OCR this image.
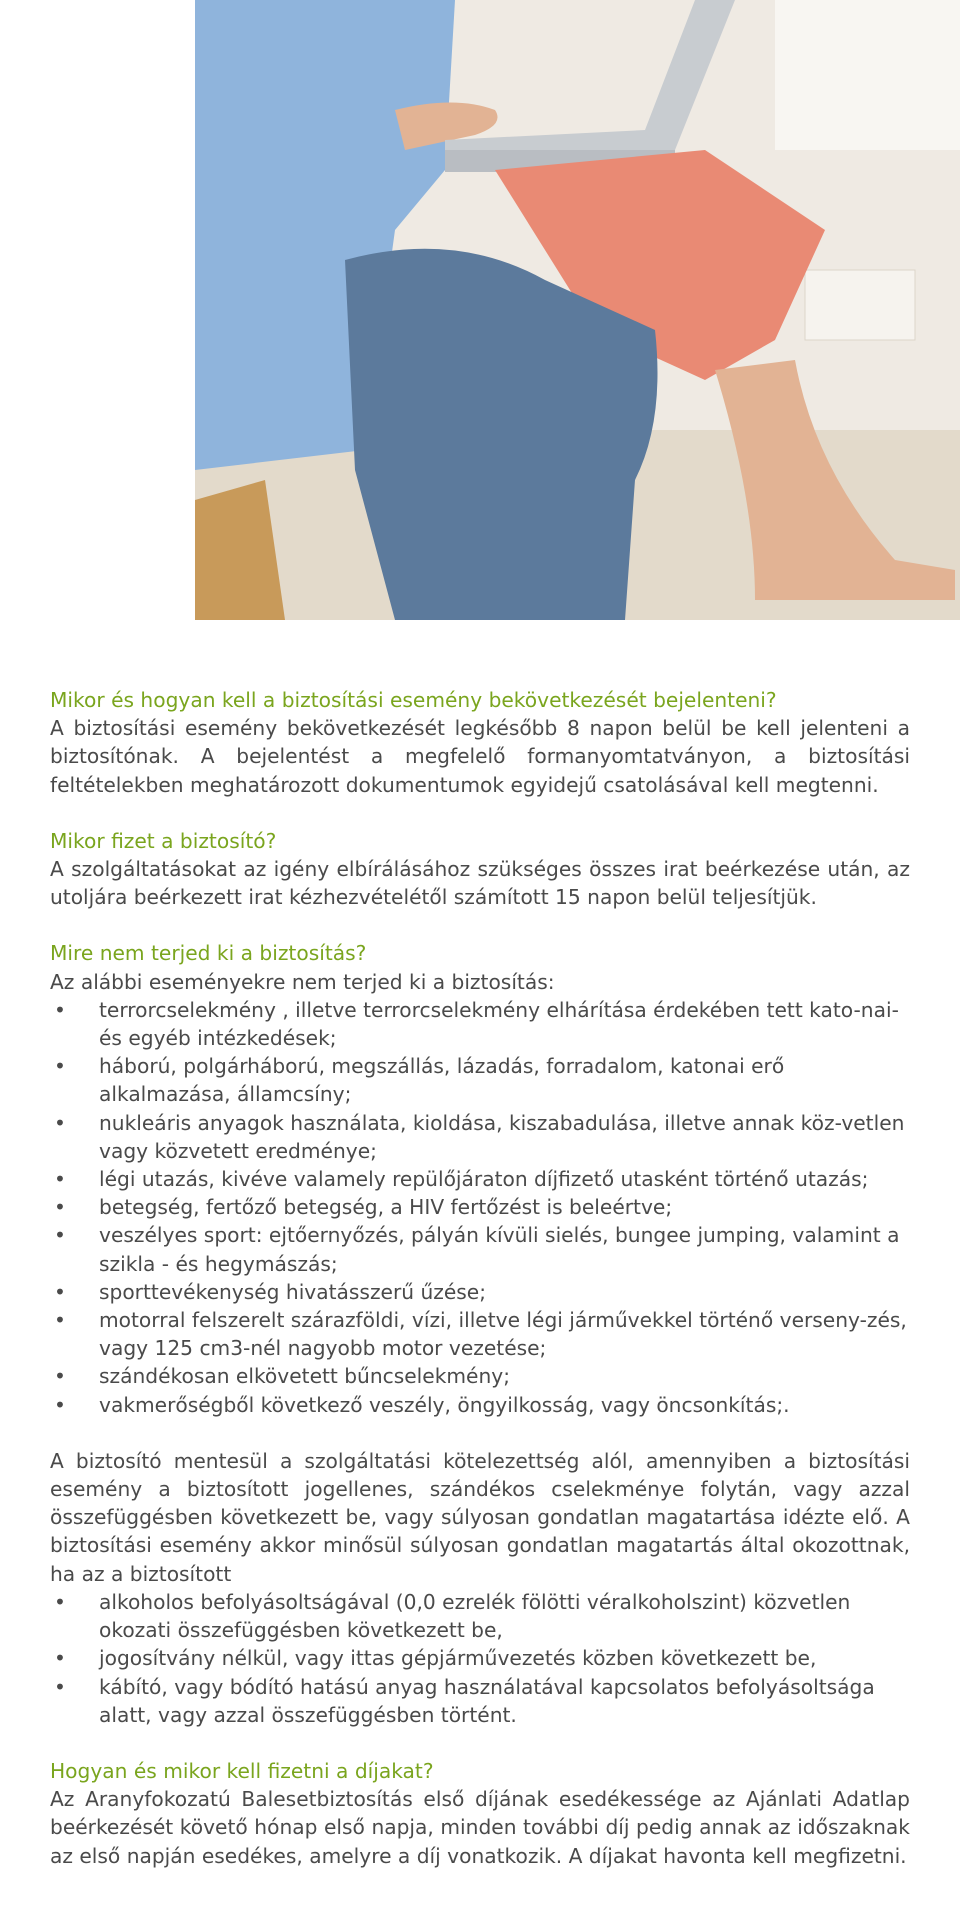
Mikor és hogyan kell a biztosítási esemény bekövetkezését bejelenteni?

A biztosítási esemény bekövetkezését legkésőbb 8 napon belül be kell jelenteni a biztosítónak. A bejelentést a megfelelő formanyomtatványon, a biztosítási feltételekben meghatározott dokumentumok egyidejű csatolásával kell megtenni.

Mikor fizet a biztosító?

A szolgáltatásokat az igény elbírálásához szükséges összes irat beérkezése után, az utoljára beérkezett irat kézhezvételétől számított 15 napon belül teljesítjük.

Mire nem terjed ki a biztosítás?

Az alábbi eseményekre nem terjed ki a biztosítás:

• terrorcselekmény , illetve terrorcselekmény elhárítása érdekében tett kato-nai- és egyéb intézkedések;
• háború, polgárháború, megszállás, lázadás, forradalom, katonai erő alkalmazása, államcsíny;
• nukleáris anyagok használata, kioldása, kiszabadulása, illetve annak köz-vetlen vagy közvetett eredménye;
• légi utazás, kivéve valamely repülőjáraton díjfizető utasként történő utazás;
• betegség, fertőző betegség, a HIV fertőzést is beleértve;
• veszélyes sport: ejtőernyőzés, pályán kívüli sielés, bungee jumping, valamint a szikla - és hegymászás;
• sporttevékenység hivatásszerű űzése;
• motorral felszerelt szárazföldi, vízi, illetve légi járművekkel történő verseny-zés, vagy 125 cm3-nél nagyobb motor vezetése;
• szándékosan elkövetett bűncselekmény;
• vakmerőségből következő veszély, öngyilkosság, vagy öncsonkítás;.

A biztosító mentesül a szolgáltatási kötelezettség alól, amennyiben a biztosítási esemény a biztosított jogellenes, szándékos cselekménye folytán, vagy azzal összefüggésben következett be, vagy súlyosan gondatlan magatartása idézte elő. A biztosítási esemény akkor minősül súlyosan gondatlan magatartás által okozottnak, ha az a biztosított

• alkoholos befolyásoltságával (0,0 ezrelék fölötti véralkoholszint) közvetlen okozati összefüggésben következett be,
• jogosítvány nélkül, vagy ittas gépjárművezetés közben következett be,
• kábító, vagy bódító hatású anyag használatával kapcsolatos befolyásoltsága alatt, vagy azzal összefüggésben történt.
Hogyan és mikor kell fizetni a díjakat?

Az Aranyfokozatú Balesetbiztosítás első díjának esedékessége az Ajánlati Adatlap beérkezését követő hónap első napja, minden további díj pedig annak az időszaknak az első napján esedékes, amelyre a díj vonatkozik. A díjakat havonta kell megfizetni.
